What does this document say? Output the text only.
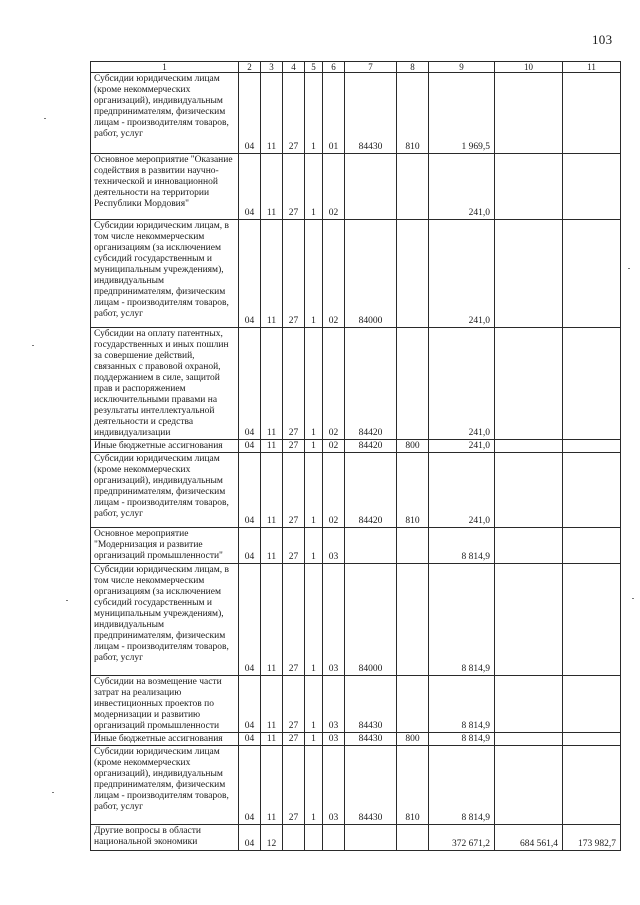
103
1	2	3	4	5	6	7	8	9	10	11
Субсидии юридическим лицам (кроме некоммерческих организаций), индивидуальным предпринимателям, физическим лицам - производителям товаров, работ, услуг	04	11	27	1	01	84430	810	1 969,5		
Основное мероприятие "Оказание содействия в развитии научно-технической и инновационной деятельности на территории Республики Мордовия"	04	11	27	1	02			241,0		
Субсидии юридическим лицам, в том числе некоммерческим организациям (за исключением субсидий государственным и муниципальным учреждениям), индивидуальным предпринимателям, физическим лицам - производителям товаров, работ, услуг	04	11	27	1	02	84000		241,0		
Субсидии на оплату патентных, государственных и иных пошлин за совершение действий, связанных с правовой охраной, поддержанием в силе, защитой прав и распоряжением исключительными правами на результаты интеллектуальной деятельности и средства индивидуализации	04	11	27	1	02	84420		241,0		
Иные бюджетные ассигнования	04	11	27	1	02	84420	800	241,0		
Субсидии юридическим лицам (кроме некоммерческих организаций), индивидуальным предпринимателям, физическим лицам - производителям товаров, работ, услуг	04	11	27	1	02	84420	810	241,0		
Основное мероприятие "Модернизация и развитие организаций промышленности"	04	11	27	1	03			8 814,9		
Субсидии юридическим лицам, в том числе некоммерческим организациям (за исключением субсидий государственным и муниципальным учреждениям), индивидуальным предпринимателям, физическим лицам - производителям товаров, работ, услуг	04	11	27	1	03	84000		8 814,9		
Субсидии на возмещение части затрат на реализацию инвестиционных проектов по модернизации и развитию организаций промышленности	04	11	27	1	03	84430		8 814,9		
Иные бюджетные ассигнования	04	11	27	1	03	84430	800	8 814,9		
Субсидии юридическим лицам (кроме некоммерческих организаций), индивидуальным предпринимателям, физическим лицам - производителям товаров, работ, услуг	04	11	27	1	03	84430	810	8 814,9		
Другие вопросы в области национальной экономики	04	12						372 671,2	684 561,4	173 982,7
